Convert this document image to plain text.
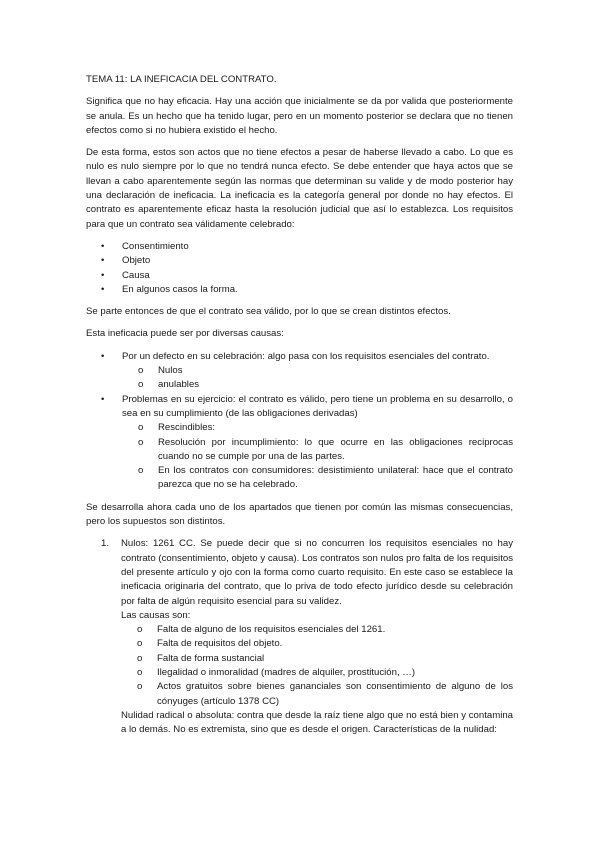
TEMA 11: LA INEFICACIA DEL CONTRATO.

Significa que no hay eficacia. Hay una acción que inicialmente se da por valida que posteriormente se anula. Es un hecho que ha tenido lugar, pero en un momento posterior se declara que no tienen efectos como si no hubiera existido el hecho.

De esta forma, estos son actos que no tiene efectos a pesar de haberse llevado a cabo. Lo que es nulo es nulo siempre por lo que no tendrá nunca efecto. Se debe entender que haya actos que se llevan a cabo aparentemente según las normas que determinan su valide y de modo posterior hay una declaración de ineficacia. La ineficacia es la categoría general por donde no hay efectos. El contrato es aparentemente eficaz hasta la resolución judicial que así lo establezca. Los requisitos para que un contrato sea válidamente celebrado:

• Consentimiento
• Objeto
• Causa
• En algunos casos la forma.

Se parte entonces de que el contrato sea válido, por lo que se crean distintos efectos.

Esta ineficacia puede ser por diversas causas:

• Por un defecto en su celebración: algo pasa con los requisitos esenciales del contrato.
o Nulos
o anulables
• Problemas en su ejercicio: el contrato es válido, pero tiene un problema en su desarrollo, o sea en su cumplimiento (de las obligaciones derivadas)
o Rescindibles:
o Resolución por incumplimiento: lo que ocurre en las obligaciones reciprocas cuando no se cumple por una de las partes.
o En los contratos con consumidores: desistimiento unilateral: hace que el contrato parezca que no se ha celebrado.

Se desarrolla ahora cada uno de los apartados que tienen por común las mismas consecuencias, pero los supuestos son distintos.

1. Nulos: 1261 CC. Se puede decir que si no concurren los requisitos esenciales no hay contrato (consentimiento, objeto y causa). Los contratos son nulos pro falta de los requisitos del presente artículo y ojo con la forma como cuarto requisito. En este caso se establece la ineficacia originaria del contrato, que lo priva de todo efecto jurídico desde su celebración por falta de algún requisito esencial para su validez.
Las causas son:
o Falta de alguno de los requisitos esenciales del 1261.
o Falta de requisitos del objeto.
o Falta de forma sustancial
o Ilegalidad o inmoralidad (madres de alquiler, prostitución, …)
o Actos gratuitos sobre bienes gananciales son consentimiento de alguno de los cónyuges (artículo 1378 CC)
Nulidad radical o absoluta: contra que desde la raíz tiene algo que no está bien y contamina a lo demás. No es extremista, sino que es desde el origen. Características de la nulidad:
